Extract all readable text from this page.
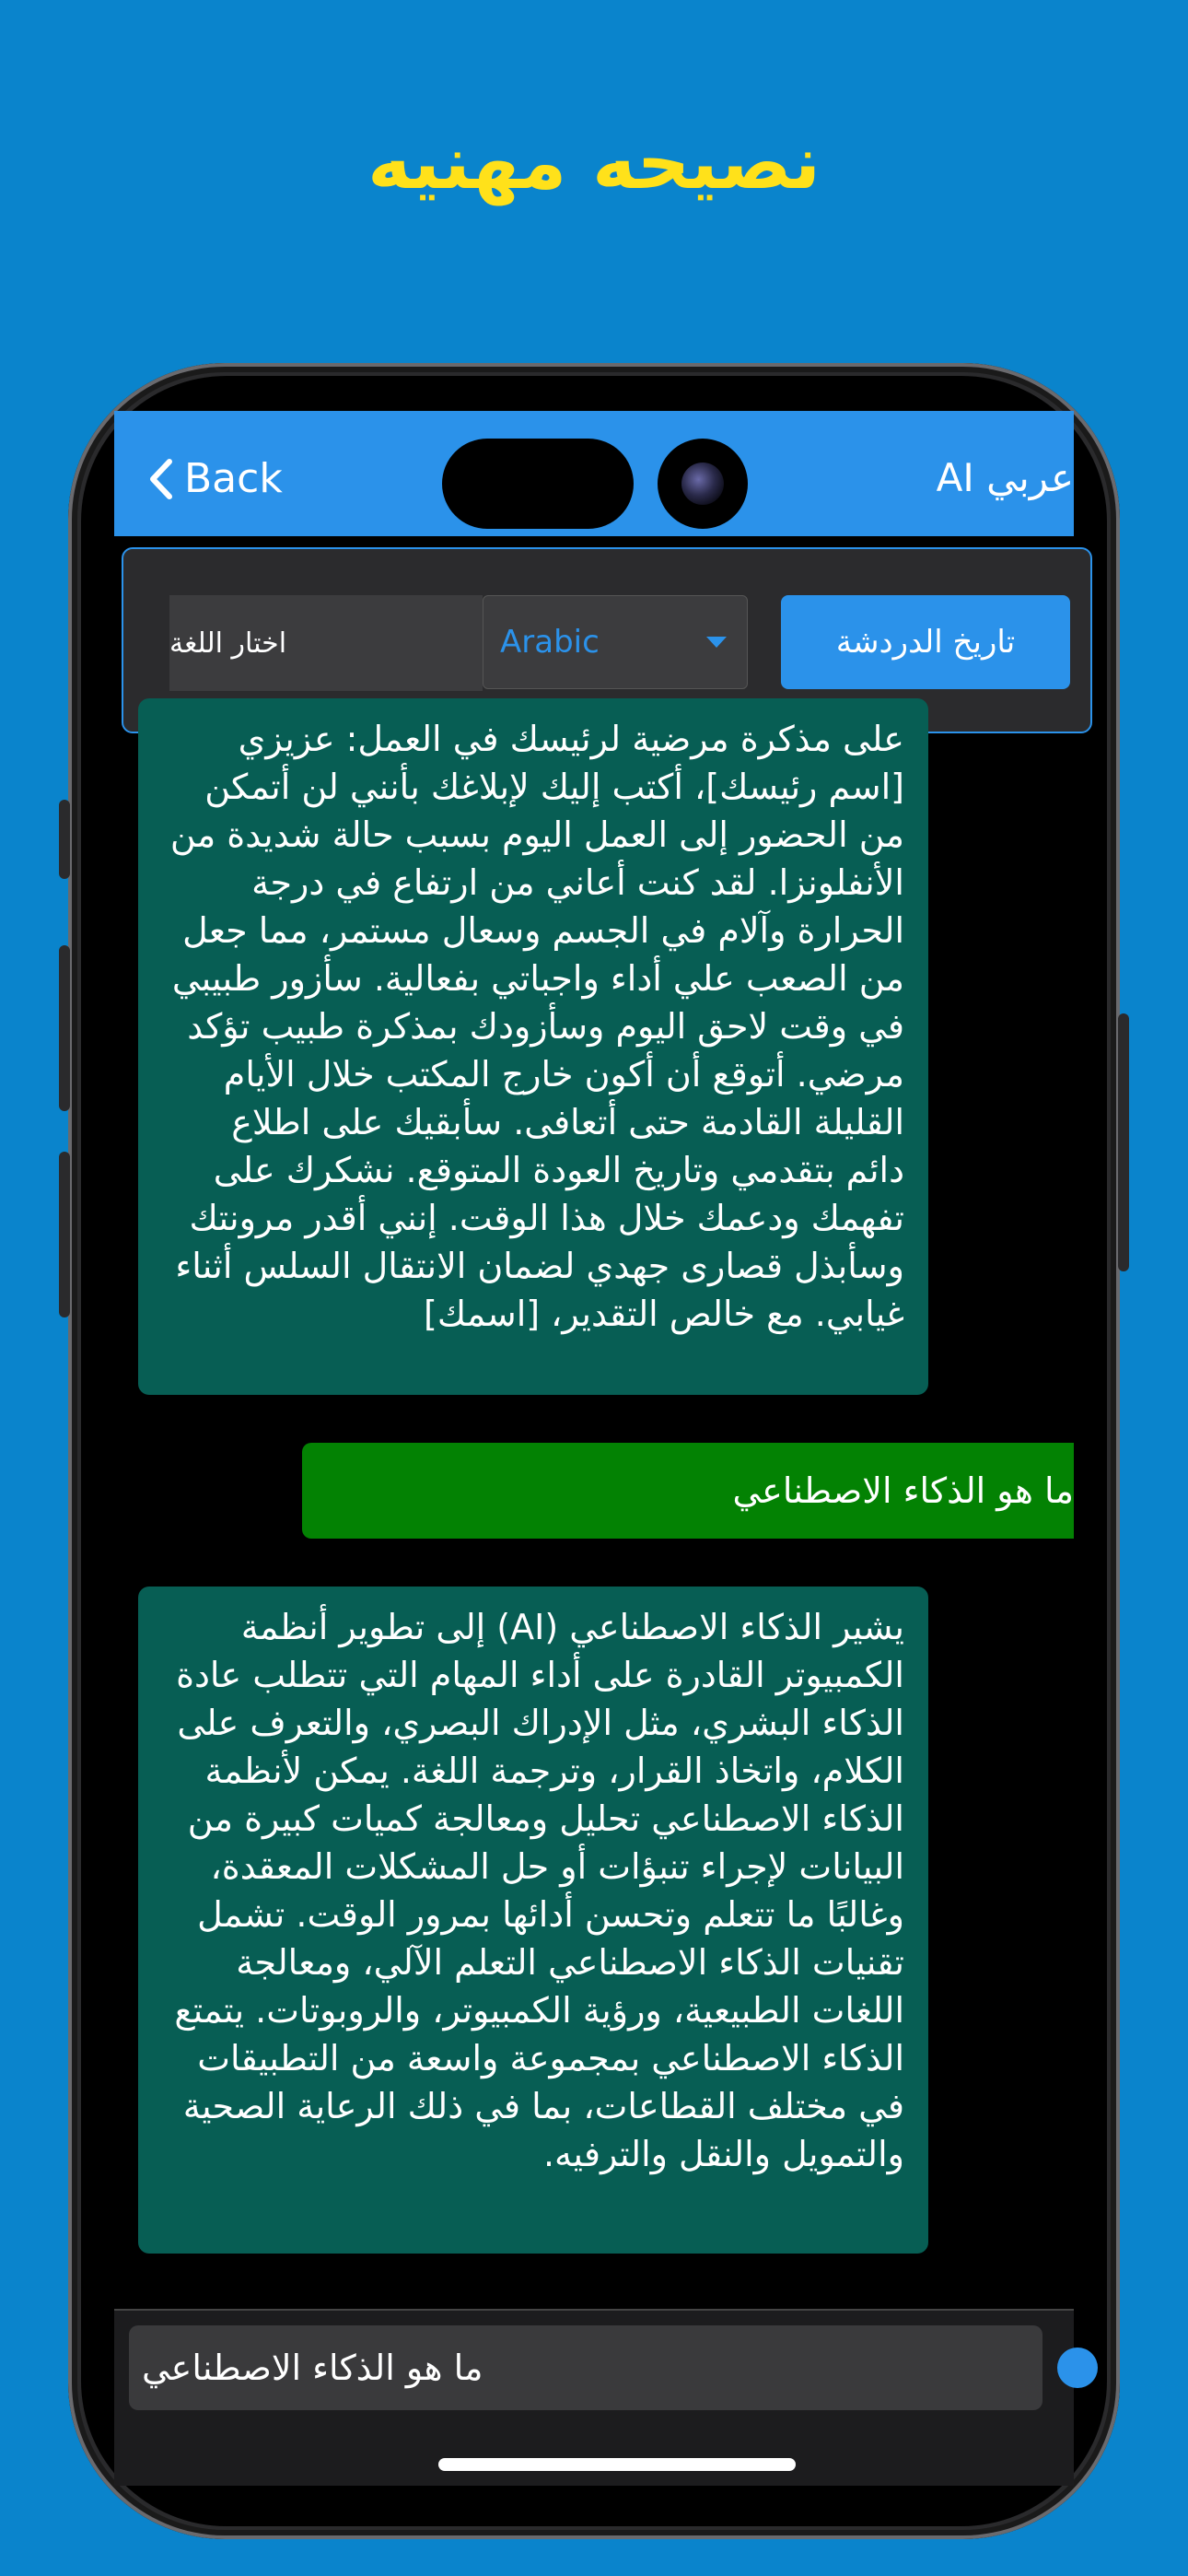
نصيحه مهنيه
Back	عربي AI
اختار اللغة	Arabic	تاريخ الدردشة
على مذكرة مرضية لرئيسك في العمل: عزيزي [اسم رئيسك]، أكتب إليك لإبلاغك بأنني لن أتمكن من الحضور إلى العمل اليوم بسبب حالة شديدة من الأنفلونزا. لقد كنت أعاني من ارتفاع في درجة الحرارة وآلام في الجسم وسعال مستمر، مما جعل من الصعب علي أداء واجباتي بفعالية. سأزور طبيبي في وقت لاحق اليوم وسأزودك بمذكرة طبيب تؤكد مرضي. أتوقع أن أكون خارج المكتب خلال الأيام القليلة القادمة حتى أتعافى. سأبقيك على اطلاع دائم بتقدمي وتاريخ العودة المتوقع. نشكرك على تفهمك ودعمك خلال هذا الوقت. إنني أقدر مرونتك وسأبذل قصارى جهدي لضمان الانتقال السلس أثناء غيابي. مع خالص التقدير، [اسمك]
ما هو الذكاء الاصطناعي
يشير الذكاء الاصطناعي (AI) إلى تطوير أنظمة الكمبيوتر القادرة على أداء المهام التي تتطلب عادة الذكاء البشري، مثل الإدراك البصري، والتعرف على الكلام، واتخاذ القرار، وترجمة اللغة. يمكن لأنظمة الذكاء الاصطناعي تحليل ومعالجة كميات كبيرة من البيانات لإجراء تنبؤات أو حل المشكلات المعقدة، وغالبًا ما تتعلم وتحسن أدائها بمرور الوقت. تشمل تقنيات الذكاء الاصطناعي التعلم الآلي، ومعالجة اللغات الطبيعية، ورؤية الكمبيوتر، والروبوتات. يتمتع الذكاء الاصطناعي بمجموعة واسعة من التطبيقات في مختلف القطاعات، بما في ذلك الرعاية الصحية والتمويل والنقل والترفيه.
ما هو الذكاء الاصطناعي
